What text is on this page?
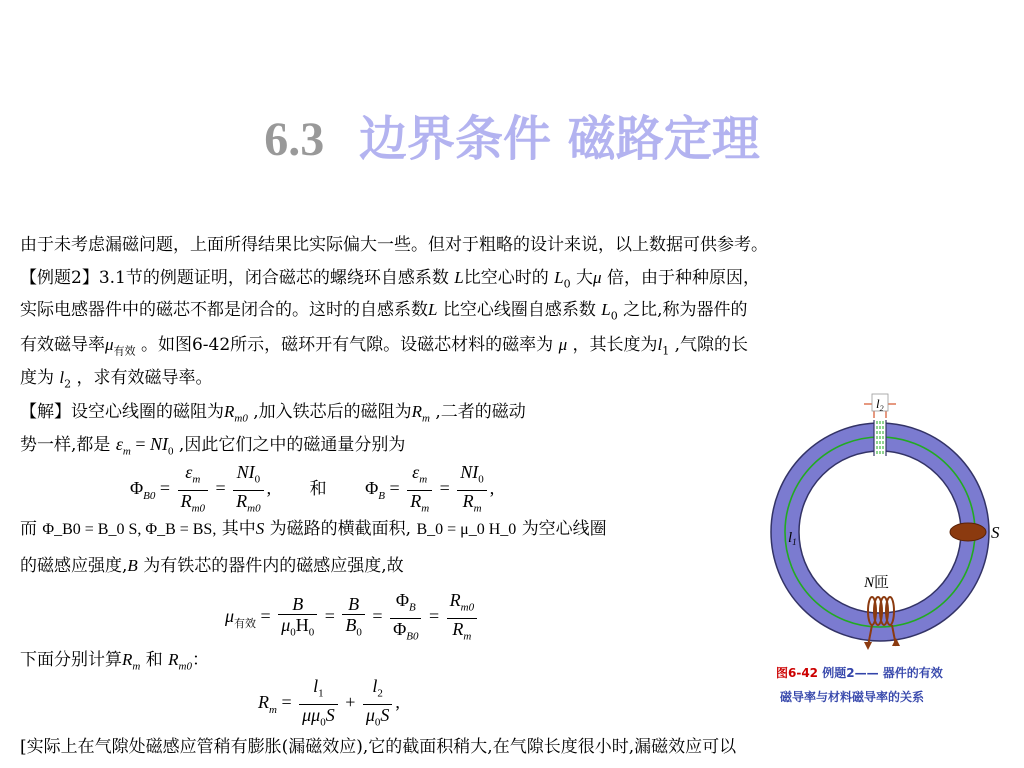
6.3 边界条件 磁路定理
由于未考虑漏磁问题，上面所得结果比实际偏大一些。但对于粗略的设计来说，以上数据可供参考。
【例题2】3.1节的例题证明，闭合磁芯的螺绕环自感系数 L比空心时的 $L_0$ 大μ 倍，由于种种原因，
实际电感器件中的磁芯不都是闭合的。这时的自感系数L 比空心线圈自感系数 $L_0$ 之比,称为器件的
有效磁导率$\mu_{有效}$ 。如图6-42所示，磁环开有气隙。设磁芯材料的磁率为 μ ，其长度为$l_1$ ,气隙的长
度为 $l_2$ ，求有效磁导率。
【解】设空心线圈的磁阻为$R_{m0}$ ,加入铁芯后的磁阻为$R_m$ ,二者的磁动
势一样,都是 $\varepsilon_m = NI_0$ ,因此它们之中的磁通量分别为
$\Phi_{B0} = \frac{\varepsilon_m}{R_{m0}} = \frac{NI_0}{R_{m0}}$ , 和 $\Phi_B = \frac{\varepsilon_m}{R_m} = \frac{NI_0}{R_m}$ ,
而 Φ_B0 = B_0 S, Φ_B = BS, 其中S 为磁路的横截面积, B_0 = μ_0 H_0 为空心线圈
的磁感应强度,B 为有铁芯的器件内的磁感应强度,故
$\mu_{有效} = \frac{B}{\mu_0H_0} = \frac{B}{B_0} = \frac{\Phi_B}{\Phi_{B0}} = \frac{R_{m0}}{R_m}$
下面分别计算$R_m$ 和 $R_{m0}$：
$R_m = \frac{l_1}{\mu\mu_0S} + \frac{l_2}{\mu_0S}$ ,
[实际上在气隙处磁感应管稍有膨胀(漏磁效应),它的截面积稍大,在气隙长度很小时,漏磁效应可以
$l_2$
S
$l_1$
N匝
图6-42 例题2—— 器件的有效
磁导率与材料磁导率的关系
